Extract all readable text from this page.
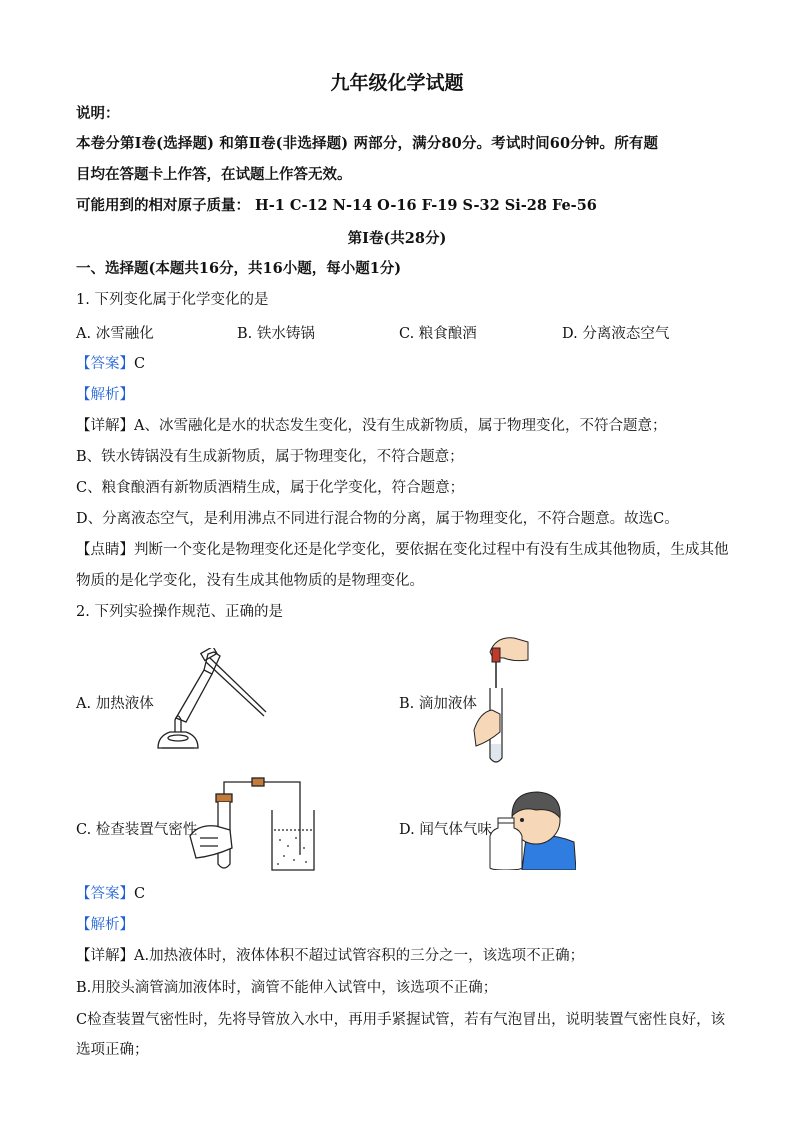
九年级化学试题
说明：
本卷分第Ⅰ卷(选择题) 和第Ⅱ卷(非选择题) 两部分，满分80分。考试时间60分钟。所有题
目均在答题卡上作答，在试题上作答无效。
可能用到的相对原子质量： H-1 C-12 N-14 O-16 F-19 S-32 Si-28 Fe-56
第Ⅰ卷(共28分)
一、选择题(本题共16分，共16小题，每小题1分)
1. 下列变化属于化学变化的是
A. 冰雪融化	B. 铁水铸锅	C. 粮食酿酒	D. 分离液态空气
【答案】C
【解析】
【详解】A、冰雪融化是水的状态发生变化，没有生成新物质，属于物理变化，不符合题意；
B、铁水铸锅没有生成新物质，属于物理变化，不符合题意；
C、粮食酿酒有新物质酒精生成，属于化学变化，符合题意；
D、分离液态空气，是利用沸点不同进行混合物的分离，属于物理变化，不符合题意。故选C。
【点睛】判断一个变化是物理变化还是化学变化，要依据在变化过程中有没有生成其他物质，生成其他
物质的是化学变化，没有生成其他物质的是物理变化。
2. 下列实验操作规范、正确的是
A. 加热液体	B. 滴加液体
C. 检查装置气密性	D. 闻气体气味
【答案】C
【解析】
【详解】A.加热液体时，液体体积不超过试管容积的三分之一，该选项不正确；
B.用胶头滴管滴加液体时，滴管不能伸入试管中，该选项不正确；
C检查装置气密性时，先将导管放入水中，再用手紧握试管，若有气泡冒出，说明装置气密性良好，该
选项正确；
